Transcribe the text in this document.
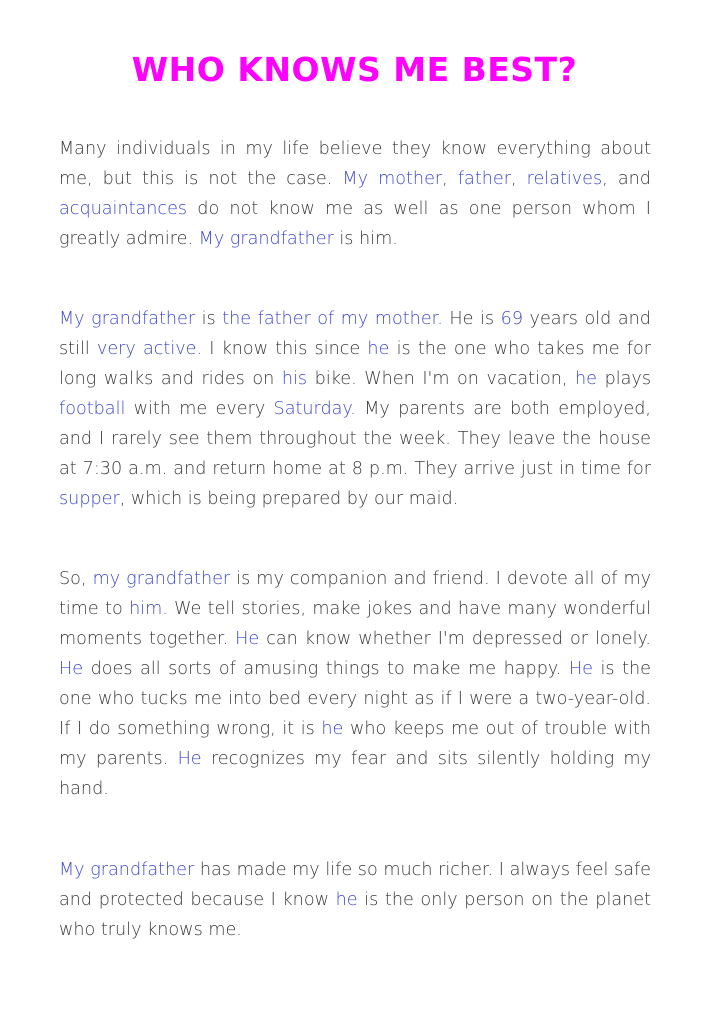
WHO KNOWS ME BEST?

Many individuals in my life believe they know everything about me, but this is not the case. My mother, father, relatives, and acquaintances do not know me as well as one person whom I greatly admire. My grandfather is him.

My grandfather is the father of my mother. He is 69 years old and still very active. I know this since he is the one who takes me for long walks and rides on his bike. When I'm on vacation, he plays football with me every Saturday. My parents are both employed, and I rarely see them throughout the week. They leave the house at 7:30 a.m. and return home at 8 p.m. They arrive just in time for supper, which is being prepared by our maid.

So, my grandfather is my companion and friend. I devote all of my time to him. We tell stories, make jokes and have many wonderful moments together. He can know whether I'm depressed or lonely. He does all sorts of amusing things to make me happy. He is the one who tucks me into bed every night as if I were a two-year-old. If I do something wrong, it is he who keeps me out of trouble with my parents. He recognizes my fear and sits silently holding my hand.

My grandfather has made my life so much richer. I always feel safe and protected because I know he is the only person on the planet who truly knows me.
